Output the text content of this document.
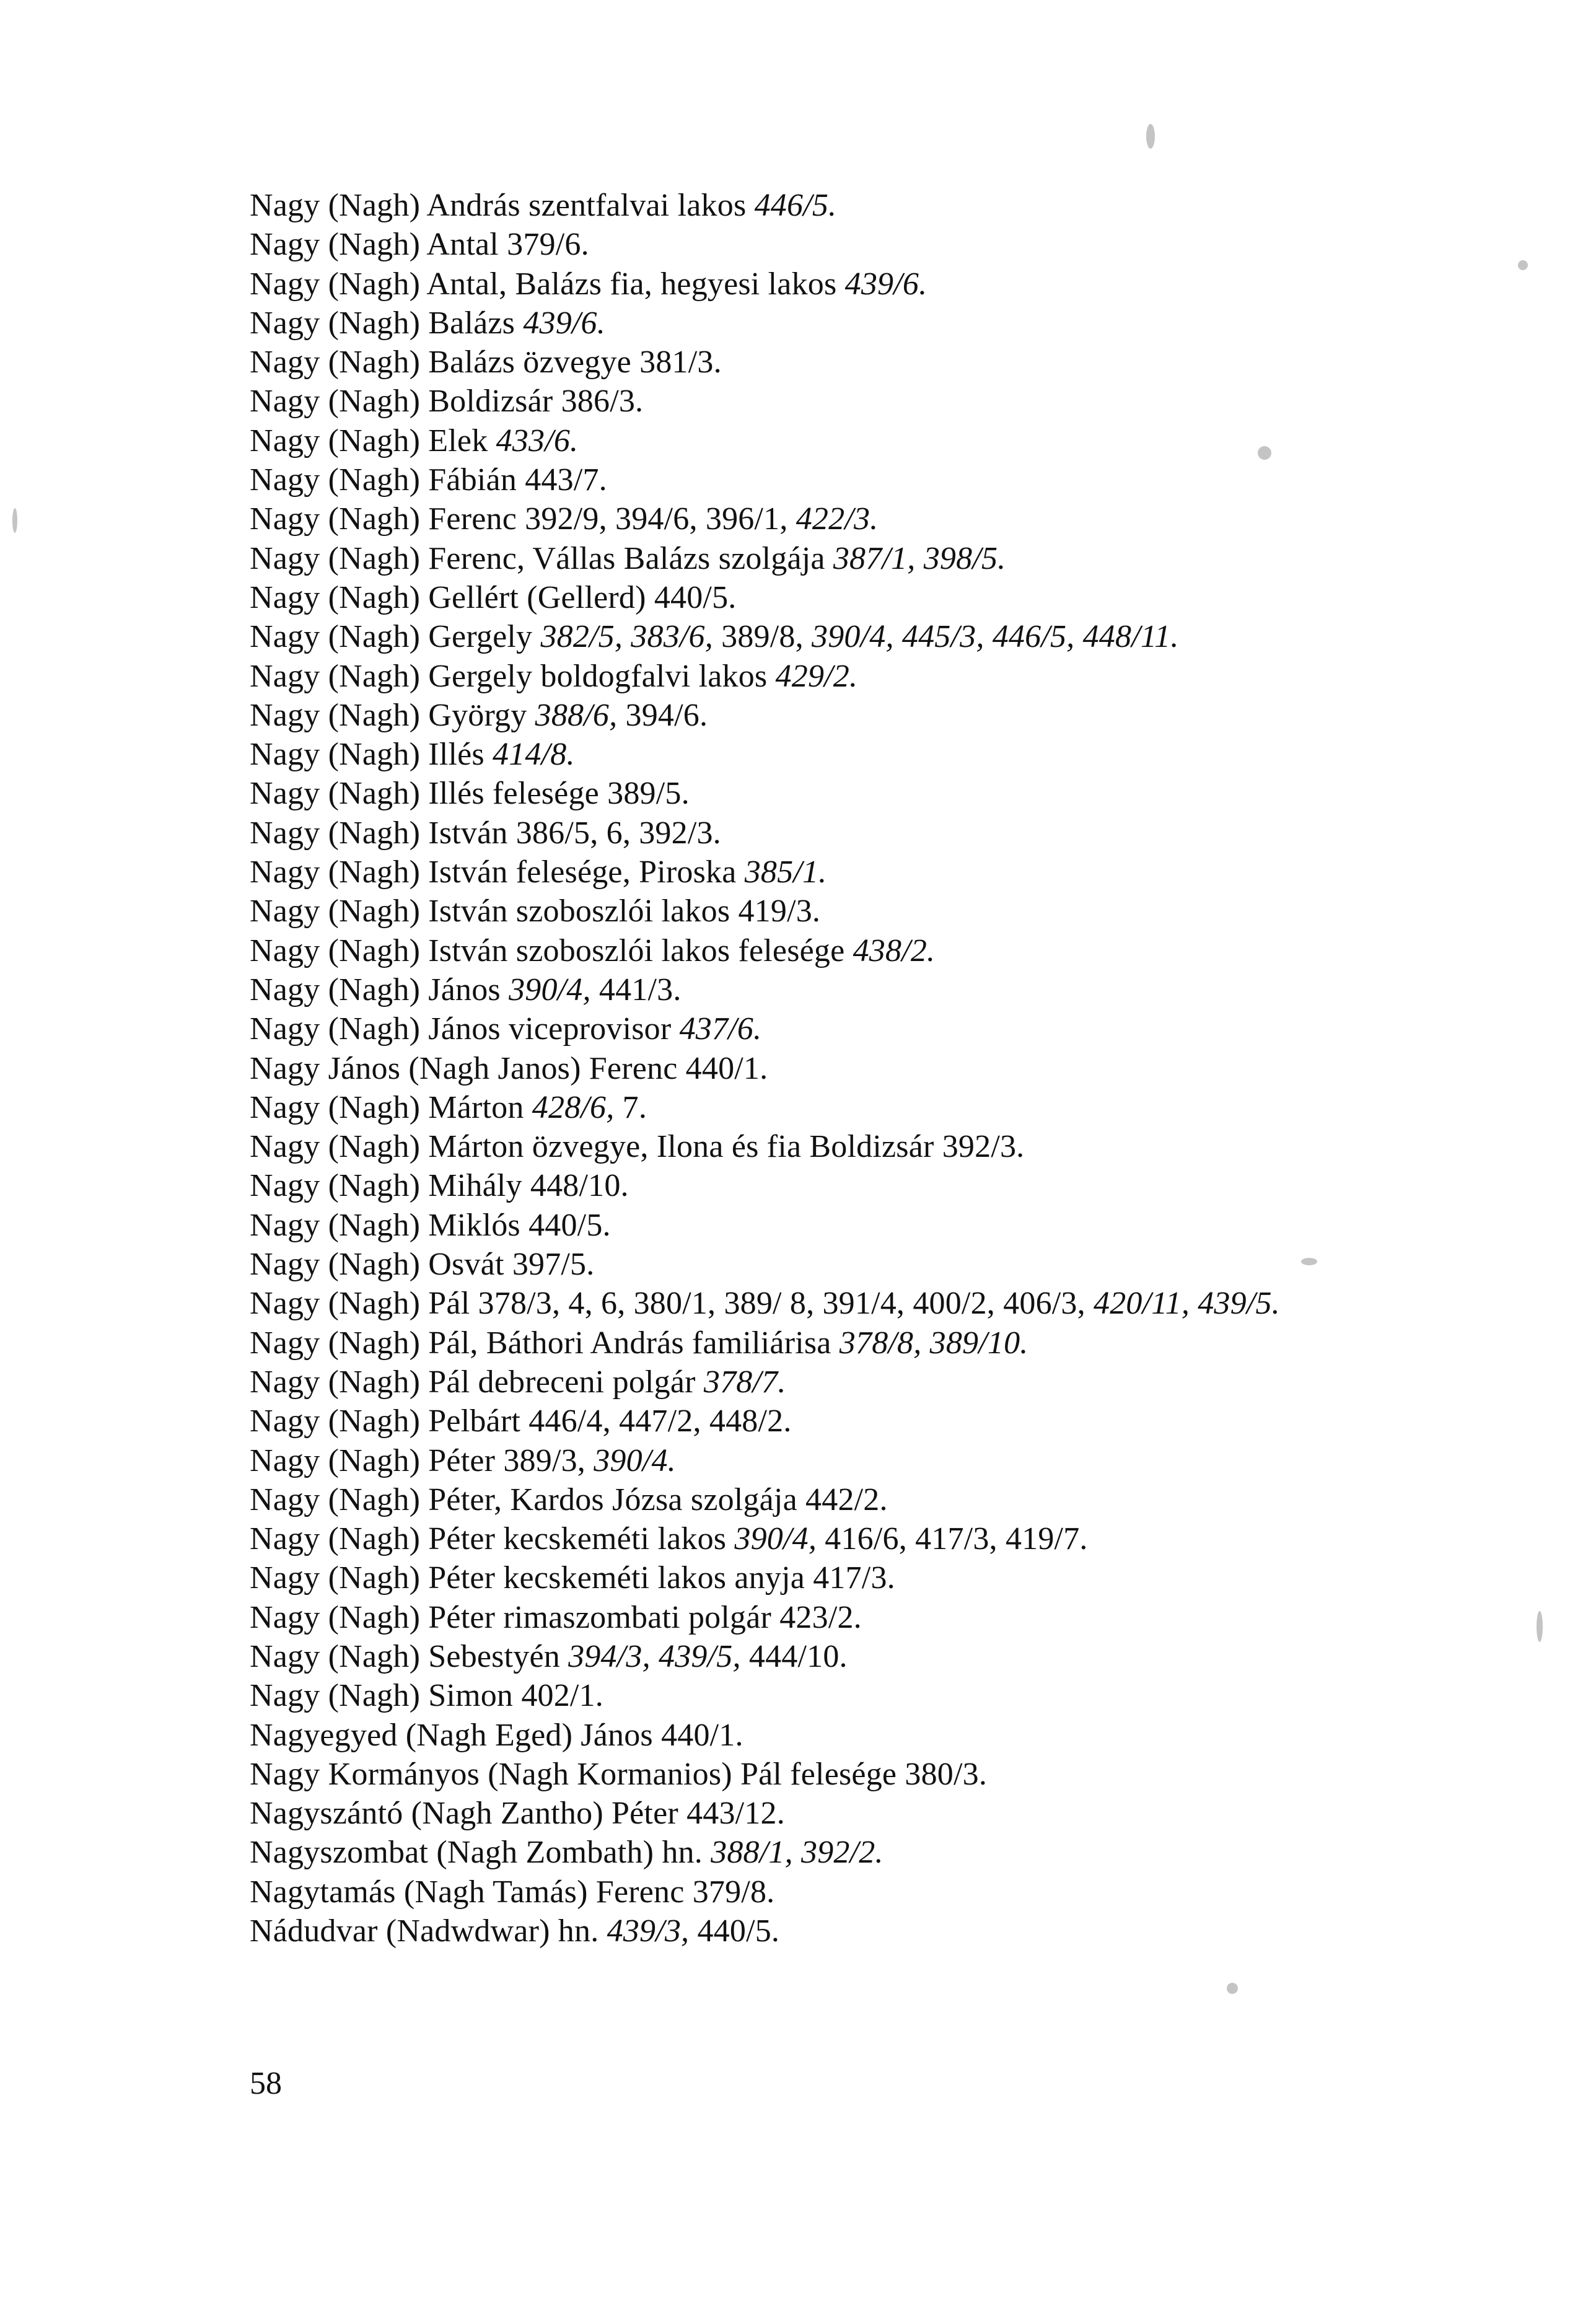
Nagy (Nagh) András szentfalvai lakos 446/5.
Nagy (Nagh) Antal 379/6.
Nagy (Nagh) Antal, Balázs fia, hegyesi lakos 439/6.
Nagy (Nagh) Balázs 439/6.
Nagy (Nagh) Balázs özvegye 381/3.
Nagy (Nagh) Boldizsár 386/3.
Nagy (Nagh) Elek 433/6.
Nagy (Nagh) Fábián 443/7.
Nagy (Nagh) Ferenc 392/9, 394/6, 396/1, 422/3.
Nagy (Nagh) Ferenc, Vállas Balázs szolgája 387/1, 398/5.
Nagy (Nagh) Gellért (Gellerd) 440/5.
Nagy (Nagh) Gergely 382/5, 383/6, 389/8, 390/4, 445/3, 446/5, 448/11.
Nagy (Nagh) Gergely boldogfalvi lakos 429/2.
Nagy (Nagh) György 388/6, 394/6.
Nagy (Nagh) Illés 414/8.
Nagy (Nagh) Illés felesége 389/5.
Nagy (Nagh) István 386/5, 6, 392/3.
Nagy (Nagh) István felesége, Piroska 385/1.
Nagy (Nagh) István szoboszlói lakos 419/3.
Nagy (Nagh) István szoboszlói lakos felesége 438/2.
Nagy (Nagh) János 390/4, 441/3.
Nagy (Nagh) János viceprovisor 437/6.
Nagy János (Nagh Janos) Ferenc 440/1.
Nagy (Nagh) Márton 428/6, 7.
Nagy (Nagh) Márton özvegye, Ilona és fia Boldizsár 392/3.
Nagy (Nagh) Mihály 448/10.
Nagy (Nagh) Miklós 440/5.
Nagy (Nagh) Osvát 397/5.
Nagy (Nagh) Pál 378/3, 4, 6, 380/1, 389/ 8, 391/4, 400/2, 406/3, 420/11, 439/5.
Nagy (Nagh) Pál, Báthori András familiárisa 378/8, 389/10.
Nagy (Nagh) Pál debreceni polgár 378/7.
Nagy (Nagh) Pelbárt 446/4, 447/2, 448/2.
Nagy (Nagh) Péter 389/3, 390/4.
Nagy (Nagh) Péter, Kardos Józsa szolgája 442/2.
Nagy (Nagh) Péter kecskeméti lakos 390/4, 416/6, 417/3, 419/7.
Nagy (Nagh) Péter kecskeméti lakos anyja 417/3.
Nagy (Nagh) Péter rimaszombati polgár 423/2.
Nagy (Nagh) Sebestyén 394/3, 439/5, 444/10.
Nagy (Nagh) Simon 402/1.
Nagyegyed (Nagh Eged) János 440/1.
Nagy Kormányos (Nagh Kormanios) Pál felesége 380/3.
Nagyszántó (Nagh Zantho) Péter 443/12.
Nagyszombat (Nagh Zombath) hn. 388/1, 392/2.
Nagytamás (Nagh Tamás) Ferenc 379/8.
Nádudvar (Nadwdwar) hn. 439/3, 440/5.
58
